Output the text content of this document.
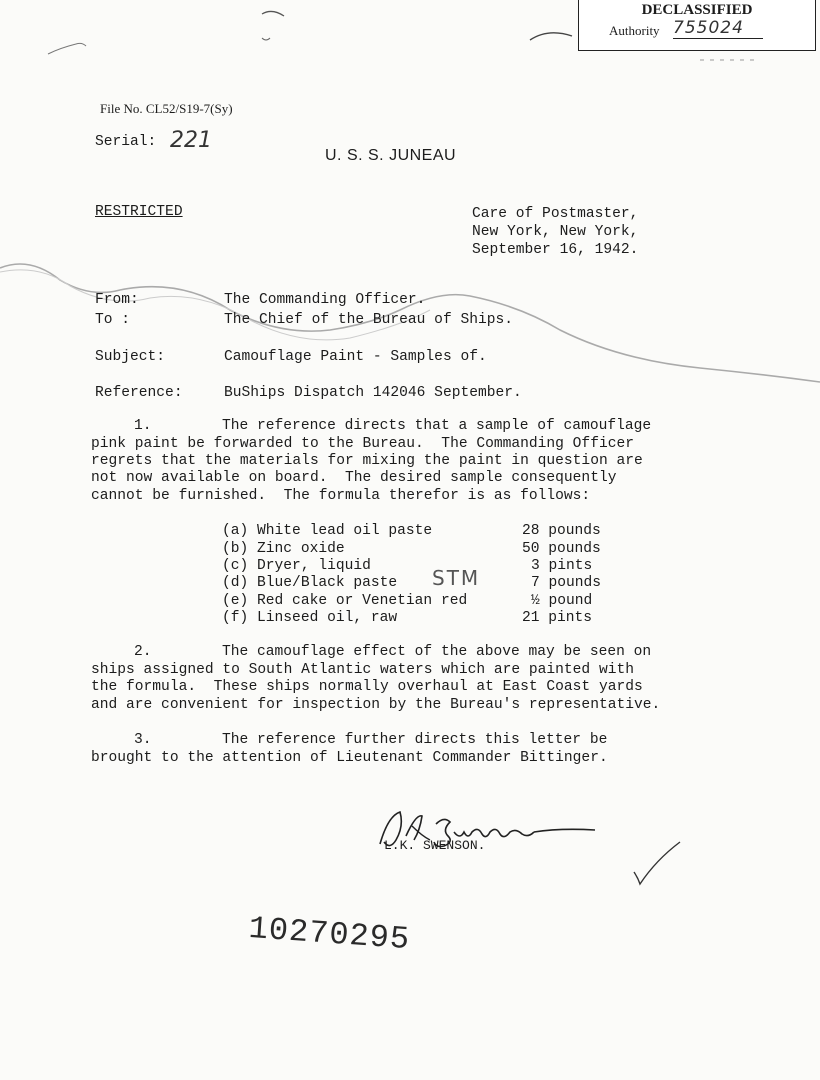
DECLASSIFIED
Authority 755024
File No. CL52/S19-7(Sy)
Serial: 221
U. S. S. JUNEAU
RESTRICTED	Care of Postmaster,
New York, New York,
September 16, 1942.
From:	The Commanding Officer.
To :	The Chief of the Bureau of Ships.
Subject:	Camouflage Paint - Samples of.
Reference:	BuShips Dispatch 142046 September.
1.	The reference directs that a sample of camouflage
pink paint be forwarded to the Bureau.  The Commanding Officer
regrets that the materials for mixing the paint in question are
not now available on board.  The desired sample consequently
cannot be furnished.  The formula therefor is as follows:
(a) White lead oil paste	28 pounds
(b) Zinc oxide	50 pounds
(c) Dryer, liquid	3 pints
(d) Blue/Black paste	7 pounds
(e) Red cake or Venetian red	½ pound
(f) Linseed oil, raw	21 pints
STM
2.	The camouflage effect of the above may be seen on
ships assigned to South Atlantic waters which are painted with
the formula.  These ships normally overhaul at East Coast yards
and are convenient for inspection by the Bureau's representative.
3.	The reference further directs this letter be
brought to the attention of Lieutenant Commander Bittinger.
L.K. SWENSON.
10270295
